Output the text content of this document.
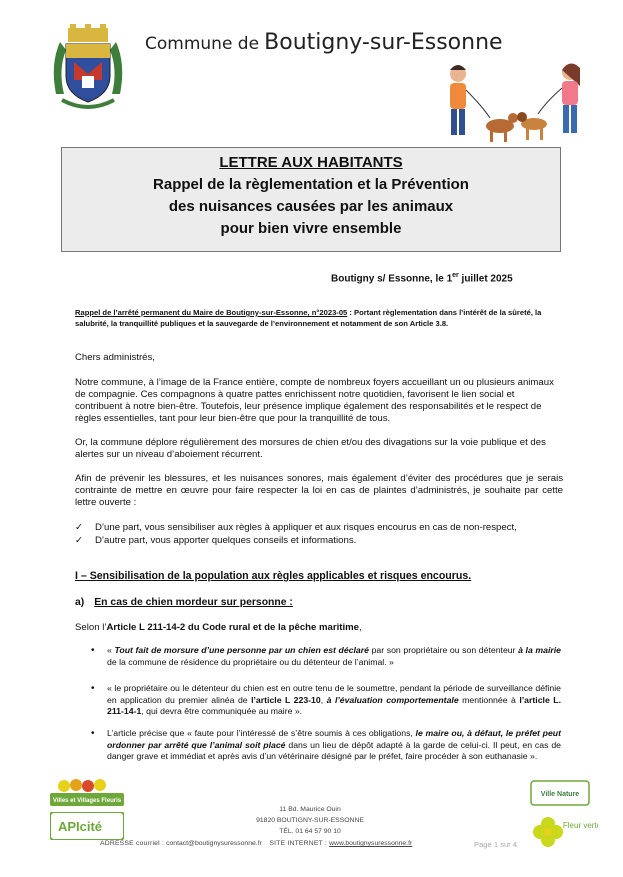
Commune de Boutigny-sur-Essonne
LETTRE AUX HABITANTS
Rappel de la règlementation et la Prévention
des nuisances causées par les animaux
pour bien vivre ensemble
Boutigny s/ Essonne, le 1er juillet 2025
Rappel de l’arrêté permanent du Maire de Boutigny-sur-Essonne, n°2023-05 : Portant règlementation dans l’intérêt de la sûreté, la salubrité, la tranquillité publiques et la sauvegarde de l’environnement et notamment de son Article 3.8.
Chers administrés,
Notre commune, à l’image de la France entière, compte de nombreux foyers accueillant un ou plusieurs animaux de compagnie. Ces compagnons à quatre pattes enrichissent notre quotidien, favorisent le lien social et contribuent à notre bien-être. Toutefois, leur présence implique également des responsabilités et le respect de règles essentielles, tant pour leur bien-être que pour la tranquillité de tous.
Or, la commune déplore régulièrement des morsures de chien et/ou des divagations sur la voie publique et des alertes sur un niveau d’aboiement récurrent.
Afin de prévenir les blessures, et les nuisances sonores, mais également d’éviter des procédures que je serais contrainte de mettre en œuvre pour faire respecter la loi en cas de plaintes d’administrés, je souhaite par cette lettre ouverte :
✓ D’une part, vous sensibiliser aux règles à appliquer et aux risques encourus en cas de non-respect,
✓ D’autre part, vous apporter quelques conseils et informations.
I – Sensibilisation de la population aux règles applicables et risques encourus.
a) En cas de chien mordeur sur personne :
Selon l’Article L 211-14-2 du Code rural et de la pêche maritime,
• « Tout fait de morsure d’une personne par un chien est déclaré par son propriétaire ou son détenteur à la mairie de la commune de résidence du propriétaire ou du détenteur de l’animal. »
• « le propriétaire ou le détenteur du chien est en outre tenu de le soumettre, pendant la période de surveillance définie en application du premier alinéa de l’article L 223-10, à l’évaluation comportementale mentionnée à l’article L. 211-14-1, qui devra être communiquée au maire ».
• L’article précise que « faute pour l’intéressé de s’être soumis à ces obligations, le maire ou, à défaut, le préfet peut ordonner par arrêté que l’animal soit placé dans un lieu de dépôt adapté à la garde de celui-ci. Il peut, en cas de danger grave et immédiat et après avis d’un vétérinaire désigné par le préfet, faire procéder à son euthanasie ».
Villes et Villages Fleuris
APIcité
Ville Nature
Fleur verte
11 Bd. Maurice Ouin
91820 BOUTIGNY-SUR-ESSONNE
TÉL. 01 64 57 90 10
ADRESSE courriel : contact@boutignysuressonne.fr SITE INTERNET : www.boutignysuressonne.fr	Page 1 sur 4
